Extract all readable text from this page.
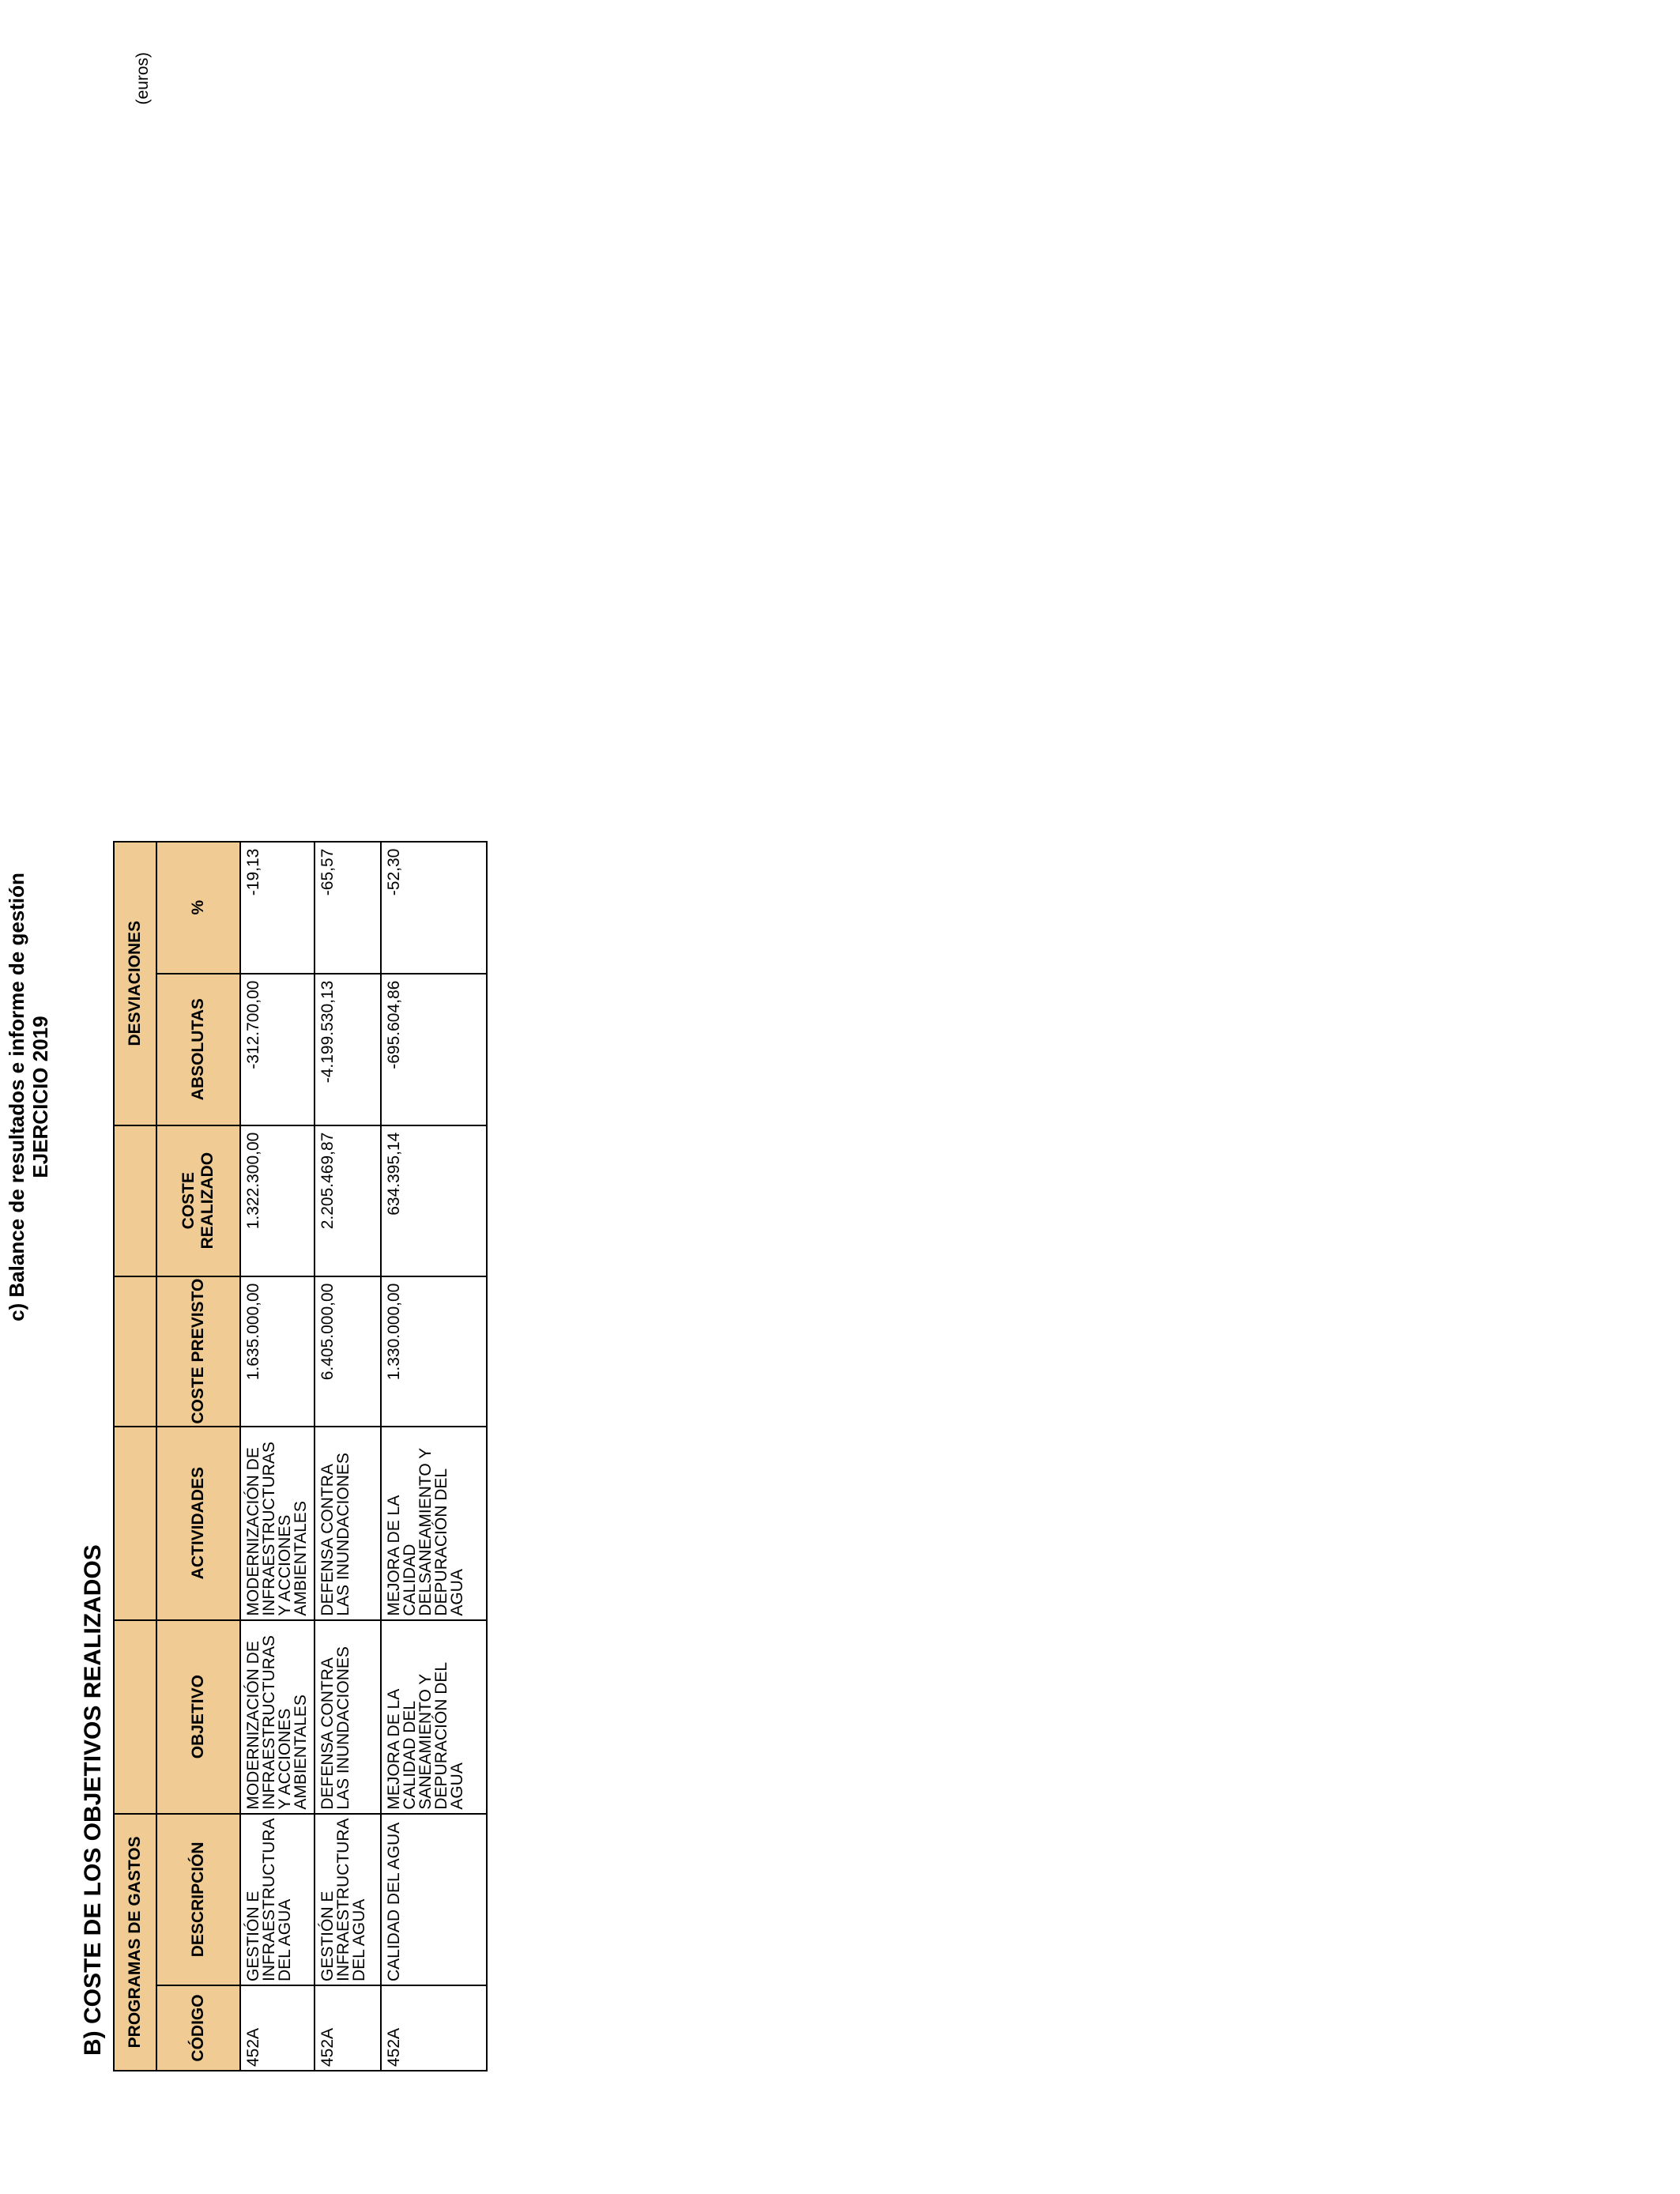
c) Balance de resultados e informe de gestión EJERCICIO 2019
B) COSTE DE LOS OBJETIVOS REALIZADOS
(euros)
PROGRAMAS DE GASTOS						DESVIACIONES	
CÓDIGO	DESCRIPCIÓN	OBJETIVO	ACTIVIDADES	COSTE PREVISTO	COSTE REALIZADO	ABSOLUTAS	%
452A	GESTIÓN E INFRAESTRUCTURA DEL AGUA	MODERNIZACIÓN DE INFRAESTRUCTURAS Y ACCIONES AMBIENTALES	MODERNIZACIÓN DE INFRAESTRUCTURAS Y ACCIONES AMBIENTALES	1.635.000,00	1.322.300,00	-312.700,00	-19,13
452A	GESTIÓN E INFRAESTRUCTURA DEL AGUA	DEFENSA CONTRA LAS INUNDACIONES	DEFENSA CONTRA LAS INUNDACIONES	6.405.000,00	2.205.469,87	-4.199.530,13	-65,57
452A	CALIDAD DEL AGUA	MEJORA DE LA CALIDAD DEL SANEAMIENTO Y DEPURACIÓN DEL AGUA	MEJORA DE LA CALIDAD DELSANEAMIENTO Y DEPURACIÓN DEL AGUA	1.330.000,00	634.395,14	-695.604,86	-52,30
